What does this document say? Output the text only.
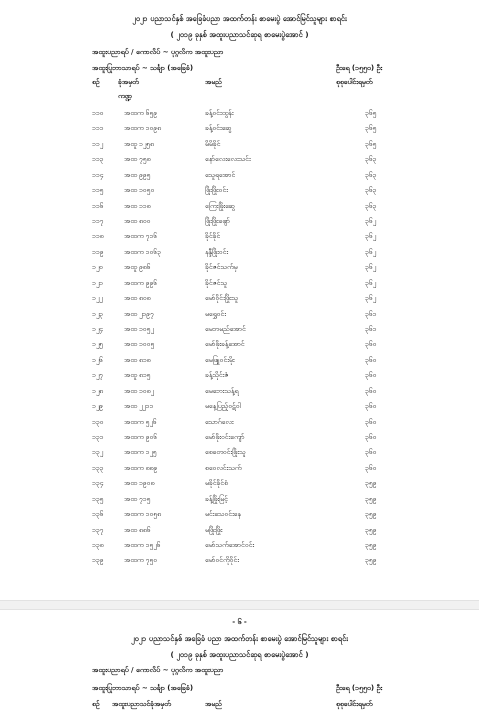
၂၀၂၁ ပညာသင်နှစ် အခြေခံပညာ အထက်တန်း စာမေးပွဲ အောင်မြင်သူများ စာရင်း
( ၂၀၁၉ ခုနှစ် အထူးပညာသင်ဆုရ စာမေးပွဲအောင် )
အထူးပညာရပ် / ကောလိပ် ~ ပုဂ္ဂလိက အထူးပညာ
အထူးပြုဘာသာရပ် ~ သင်္ချာ (အခြေခံ)	ဦးရေ (၁၅၅၀) ဦး
စဥ်	ခုံအမှတ်	အမည်	စုစုပေါင်းရမှတ်
ကဏ္ဍ
၁၁၀	အထက ၆၅၉	ခန့်ဝင်းထွန်း	၃၆၅
၁၁၁	အထက ၁၀၉၈	ခန့်ဝင်းဆွေ	၃၆၅
၁၁၂	အထူ ၁၂၅၈	မိမိခိုင်	၃၆၅
၁၁၃	အထ ၇၅၈	နော်လေးလေးသင်း	၃၆၃
၁၁၄	အထ ၉၉၅	သေူရအောင်	၃၆၃
၁၁၅	အထ ၁၀၅၀	ဖြိုးဖြိုးဝင်း	၃၆၃
၁၁၆	အထ ၁၁၈	ကြေးဖြိုးဆွေ	၃၆၃
၁၁၇	အထ ၈၀၀	ဖြိုးဖြိုးဖျော်	၃၆၂
၁၁၈	အထက ၇၁၆	ခိုင်ခိုင်	၃၆၂
၁၁၉	အထက ၁၀၆၃	နန္ဒီဖြိုးဝင်း	၃၆၂
၁၂၀	အထူ ၉၈၆	ခိုင်ဇင်သက်မှ	၃၆၂
၁၂၁	အထက ၉၉၆	ခိုင်ဇင်သူ	၃၆၂
၁၂၂	အထ ၈၀၈	မော်ဝိုင်းဖြိုးသူ	၃၆၂
၁၂၃	အထ ၂၁၉၇	မရွှေဝင်း	၃၆၁
၁၂၄	အထ ၁၀၅၂	မေဘမည်အောင်	၃၆၁
၁၂၅	အထ ၁၀၀၅	မော်ဖိုးခန့်အောင်	၃၆၀
၁၂၆	အထ ၈၁၈	မေဖြူဝင်းမိုး	၃၆၀
၁၂၇	အထူ ၈၁၅	ခန့်သိုင်းဇံ	၃၆၀
၁၂၈	အထ ၁၀၈၂	မေဘေးသန့်ရ	၃၆၀
၁၂၉	အထ ၂၂၁၁	မနေ့ပြည့်ဝဋ်ဝါ	၃၆၀
၁၃၀	အထက ၅၂၆	သောဂ်လေး	၃၆၀
၁၃၁	အထက ၉၀၆	မော်ဖိုးဝင်းကျော်	၃၆၀
၁၃၂	အထက ၁၂၅	စေတေဝင်းဖြိုးသူ	၃၆၀
၁၃၃	အထက ၈၈၉	စဝေလင်းသက်	၃၆၀
၁၃၄	အထ ၁၉၀၈	မခိုင်ခိုင်စံ	၃၅၉
၁၃၅	အထ ၇၁၅	ခန့်ဖြိုးမြင့်	၃၅၉
၁၃၆	အထက ၁၀၅၈	မင်းသေဝင်းနေ	၃၅၉
၁၃၇	အထ ၈၈၆	မ​ဖြိုးဖြိုး	၃၅၉
၁၃၈	အထက ၁၅၂၆	မော်သက်အောင်ဝင်း	၃၅၉
၁၃၉	အထက ၇၅၀	မော်ဝင်ကိုဝိုင်း	၃၅၉
- ၆ -
၂၀၂၁ ပညာသင်နှစ် အခြေခံ ပညာ အထက်တန်း စာမေးပွဲ အောင်မြင်သူများ စာရင်း
( ၂၀၁၉ ခုနှစ် အထူးပညာသင်ဆုရ စာမေးပွဲအောင် )
အထူးပညာရပ် / ကောလိပ် ~ ပုဂ္ဂလိက အထူးပညာ
အထူးပြုဘာသာရပ် ~ သင်္ချာ (အခြေခံ)	ဦးရေ (၁၅၅၀) ဦး
စဥ် အထူးပညာသင်ခုံအမှတ်	အမည်	စုစုပေါင်းရမှတ်
